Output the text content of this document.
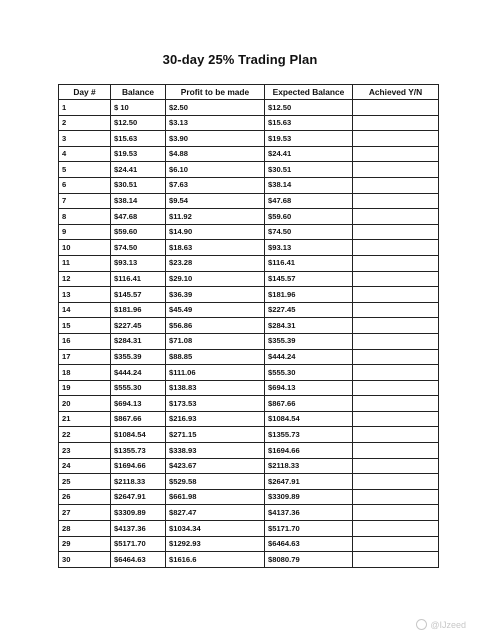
30-day 25% Trading Plan
Day #	Balance	Profit to be made	Expected Balance	Achieved Y/N
1	$ 10	$2.50	$12.50	
2	$12.50	$3.13	$15.63	
3	$15.63	$3.90	$19.53	
4	$19.53	$4.88	$24.41	
5	$24.41	$6.10	$30.51	
6	$30.51	$7.63	$38.14	
7	$38.14	$9.54	$47.68	
8	$47.68	$11.92	$59.60	
9	$59.60	$14.90	$74.50	
10	$74.50	$18.63	$93.13	
11	$93.13	$23.28	$116.41	
12	$116.41	$29.10	$145.57	
13	$145.57	$36.39	$181.96	
14	$181.96	$45.49	$227.45	
15	$227.45	$56.86	$284.31	
16	$284.31	$71.08	$355.39	
17	$355.39	$88.85	$444.24	
18	$444.24	$111.06	$555.30	
19	$555.30	$138.83	$694.13	
20	$694.13	$173.53	$867.66	
21	$867.66	$216.93	$1084.54	
22	$1084.54	$271.15	$1355.73	
23	$1355.73	$338.93	$1694.66	
24	$1694.66	$423.67	$2118.33	
25	$2118.33	$529.58	$2647.91	
26	$2647.91	$661.98	$3309.89	
27	$3309.89	$827.47	$4137.36	
28	$4137.36	$1034.34	$5171.70	
29	$5171.70	$1292.93	$6464.63	
30	$6464.63	$1616.6	$8080.79	
@IJzeed
